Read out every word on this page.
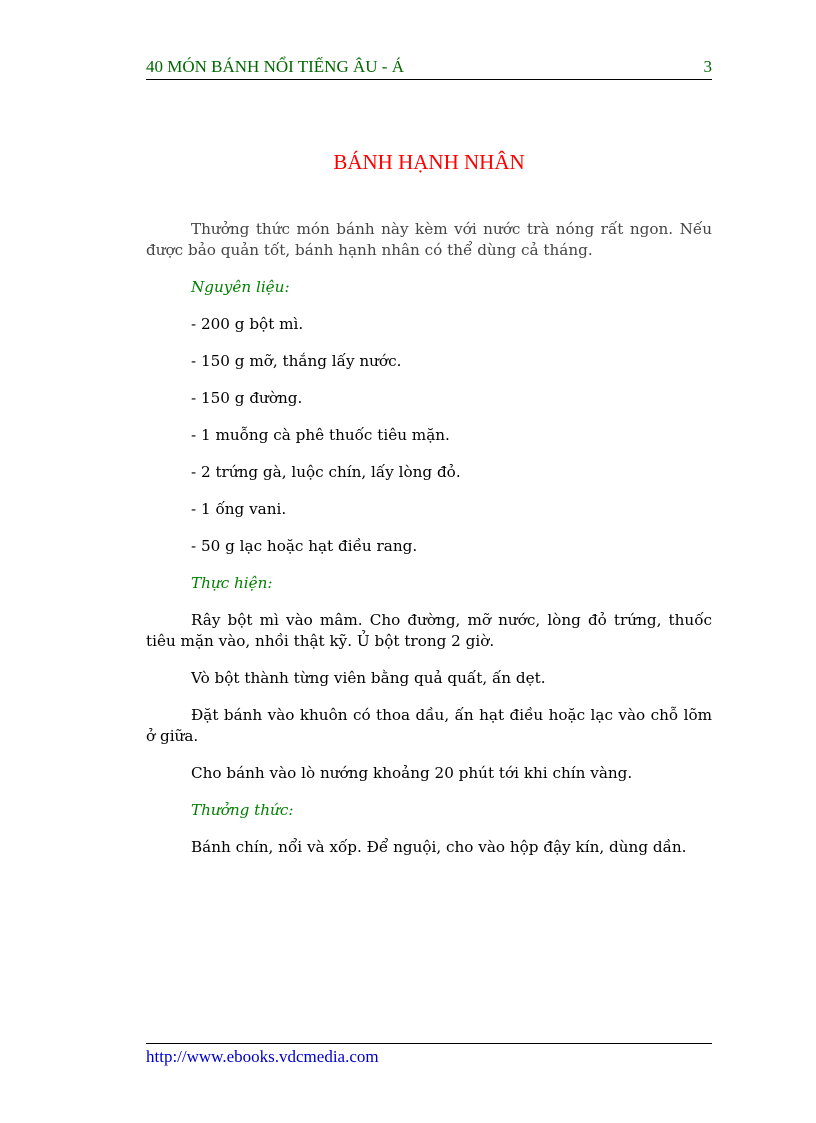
40 MÓN BÁNH NỔI TIẾNG ÂU - Á	3
BÁNH HẠNH NHÂN

Thưởng thức món bánh này kèm với nước trà nóng rất ngon. Nếu được bảo quản tốt, bánh hạnh nhân có thể dùng cả tháng.

Nguyên liệu:
- 200 g bột mì.
- 150 g mỡ, thắng lấy nước.
- 150 g đường.
- 1 muỗng cà phê thuốc tiêu mặn.
- 2 trứng gà, luộc chín, lấy lòng đỏ.
- 1 ống vani.
- 50 g lạc hoặc hạt điều rang.
Thực hiện:

Rây bột mì vào mâm. Cho đường, mỡ nước, lòng đỏ trứng, thuốc tiêu mặn vào, nhồi thật kỹ. Ủ bột trong 2 giờ.

Vò bột thành từng viên bằng quả quất, ấn dẹt.

Đặt bánh vào khuôn có thoa dầu, ấn hạt điều hoặc lạc vào chỗ lõm ở giữa.

Cho bánh vào lò nướng khoảng 20 phút tới khi chín vàng.

Thưởng thức:

Bánh chín, nổi và xốp. Để nguội, cho vào hộp đậy kín, dùng dần.

http://www.ebooks.vdcmedia.com
